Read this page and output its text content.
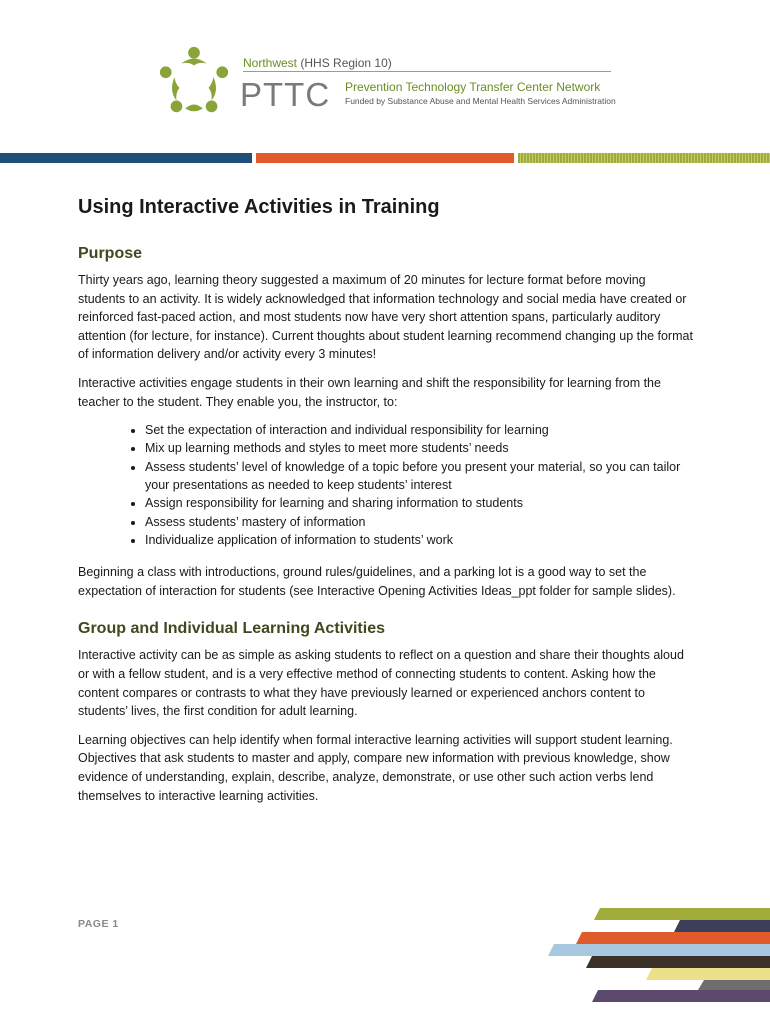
Northwest (HHS Region 10)
PTTC Prevention Technology Transfer Center Network
Funded by Substance Abuse and Mental Health Services Administration
Using Interactive Activities in Training
Purpose

Thirty years ago, learning theory suggested a maximum of 20 minutes for lecture format before moving students to an activity. It is widely acknowledged that information technology and social media have created or reinforced fast-paced action, and most students now have very short attention spans, particularly auditory attention (for lecture, for instance). Current thoughts about student learning recommend changing up the format of information delivery and/or activity every 3 minutes!

Interactive activities engage students in their own learning and shift the responsibility for learning from the teacher to the student. They enable you, the instructor, to:

• Set the expectation of interaction and individual responsibility for learning
• Mix up learning methods and styles to meet more students’ needs
• Assess students’ level of knowledge of a topic before you present your material, so you can tailor your presentations as needed to keep students’ interest
• Assign responsibility for learning and sharing information to students
• Assess students’ mastery of information
• Individualize application of information to students’ work

Beginning a class with introductions, ground rules/guidelines, and a parking lot is a good way to set the expectation of interaction for students (see Interactive Opening Activities Ideas_ppt folder for sample slides).

Group and Individual Learning Activities

Interactive activity can be as simple as asking students to reflect on a question and share their thoughts aloud or with a fellow student, and is a very effective method of connecting students to content. Asking how the content compares or contrasts to what they have previously learned or experienced anchors content to students’ lives, the first condition for adult learning.

Learning objectives can help identify when formal interactive learning activities will support student learning. Objectives that ask students to master and apply, compare new information with previous knowledge, show evidence of understanding, explain, describe, analyze, demonstrate, or use other such action verbs lend themselves to interactive learning activities.

PAGE 1
